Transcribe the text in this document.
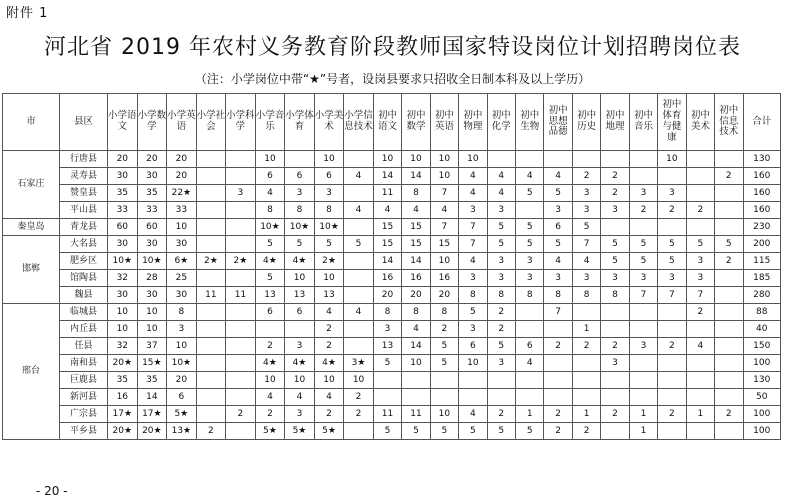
附件 1
河北省 2019 年农村义务教育阶段教师国家特设岗位计划招聘岗位表
（注：小学岗位中带“★”号者，设岗县要求只招收全日制本科及以上学历）
市	县区	小学语文	小学数学	小学英语	小学社会	小学科学	小学音乐	小学体育	小学美术	小学信息技术	初中语文	初中数学	初中英语	初中物理	初中化学	初中生物	初中思想品德	初中历史	初中地理	初中音乐	初中体育与健康	初中美术	初中信息技术	合计
石家庄	行唐县	20	20	20			10		10		10	10	10	10							10			130
	灵寿县	30	30	20			6	6	6	4	14	14	10	4	4	4	4	2	2				2	160
	赞皇县	35	35	22★		3	4	3	3		11	8	7	4	4	5	5	3	2	3	3			160
	平山县	33	33	33			8	8	8	4	4	4	4	3	3		3	3	3	2	2	2		160
秦皇岛	青龙县	60	60	10			10★	10★	10★		15	15	7	7	5	5	6	5						230
邯郸	大名县	30	30	30			5	5	5	5	15	15	15	7	5	5	5	7	5	5	5	5	5	200
	肥乡区	10★	10★	6★	2★	2★	4★	4★	2★		14	14	10	4	3	3	4	4	5	5	5	3	2	115
	馆陶县	32	28	25			5	10	10		16	16	16	3	3	3	3	3	3	3	3	3		185
	魏县	30	30	30	11	11	13	13	13		20	20	20	8	8	8	8	8	8	7	7	7		280
邢台	临城县	10	10	8			6	6	4	4	8	8	8	5	2		7					2		88
	内丘县	10	10	3					2		3	4	2	3	2			1						40
	任县	32	37	10			2	3	2		13	14	5	6	5	6	2	2	2	3	2	4		150
	南和县	20★	15★	10★			4★	4★	4★	3★	5	10	5	10	3	4			3					100
	巨鹿县	35	35	20			10	10	10	10														130
	新河县	16	14	6			4	4	4	2														50
	广宗县	17★	17★	5★		2	2	3	2	2	11	11	10	4	2	1	2	1	2	1	2	1	2	100
	平乡县	20★	20★	13★	2		5★	5★	5★		5	5	5	5	5	5	2	2		1				100
- 20 -
